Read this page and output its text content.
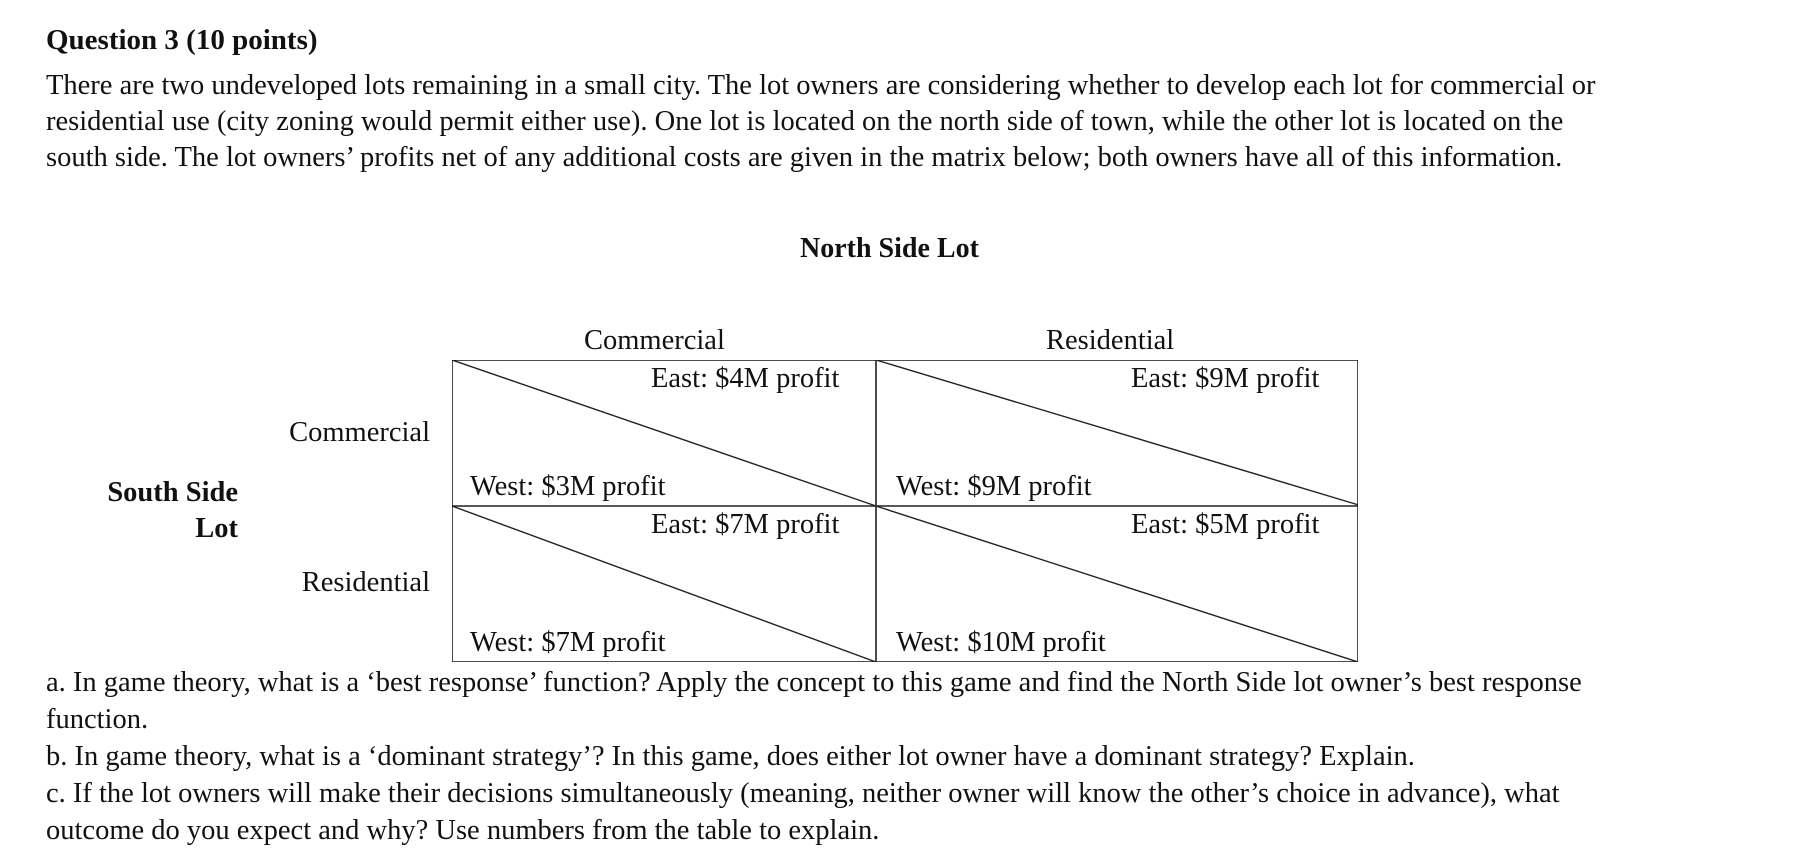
Question 3 (10 points)
There are two undeveloped lots remaining in a small city. The lot owners are considering whether to develop each lot for commercial or
residential use (city zoning would permit either use). One lot is located on the north side of town, while the other lot is located on the
south side. The lot owners’ profits net of any additional costs are given in the matrix below; both owners have all of this information.
North Side Lot
Commercial	Residential
Commercial
Residential
South Side
Lot
East: $4M profit
West: $3M profit
East: $9M profit
West: $9M profit
East: $7M profit
West: $7M profit
East: $5M profit
West: $10M profit
a. In game theory, what is a ‘best response’ function? Apply the concept to this game and find the North Side lot owner’s best response
function.
b. In game theory, what is a ‘dominant strategy’? In this game, does either lot owner have a dominant strategy? Explain.
c. If the lot owners will make their decisions simultaneously (meaning, neither owner will know the other’s choice in advance), what
outcome do you expect and why? Use numbers from the table to explain.
